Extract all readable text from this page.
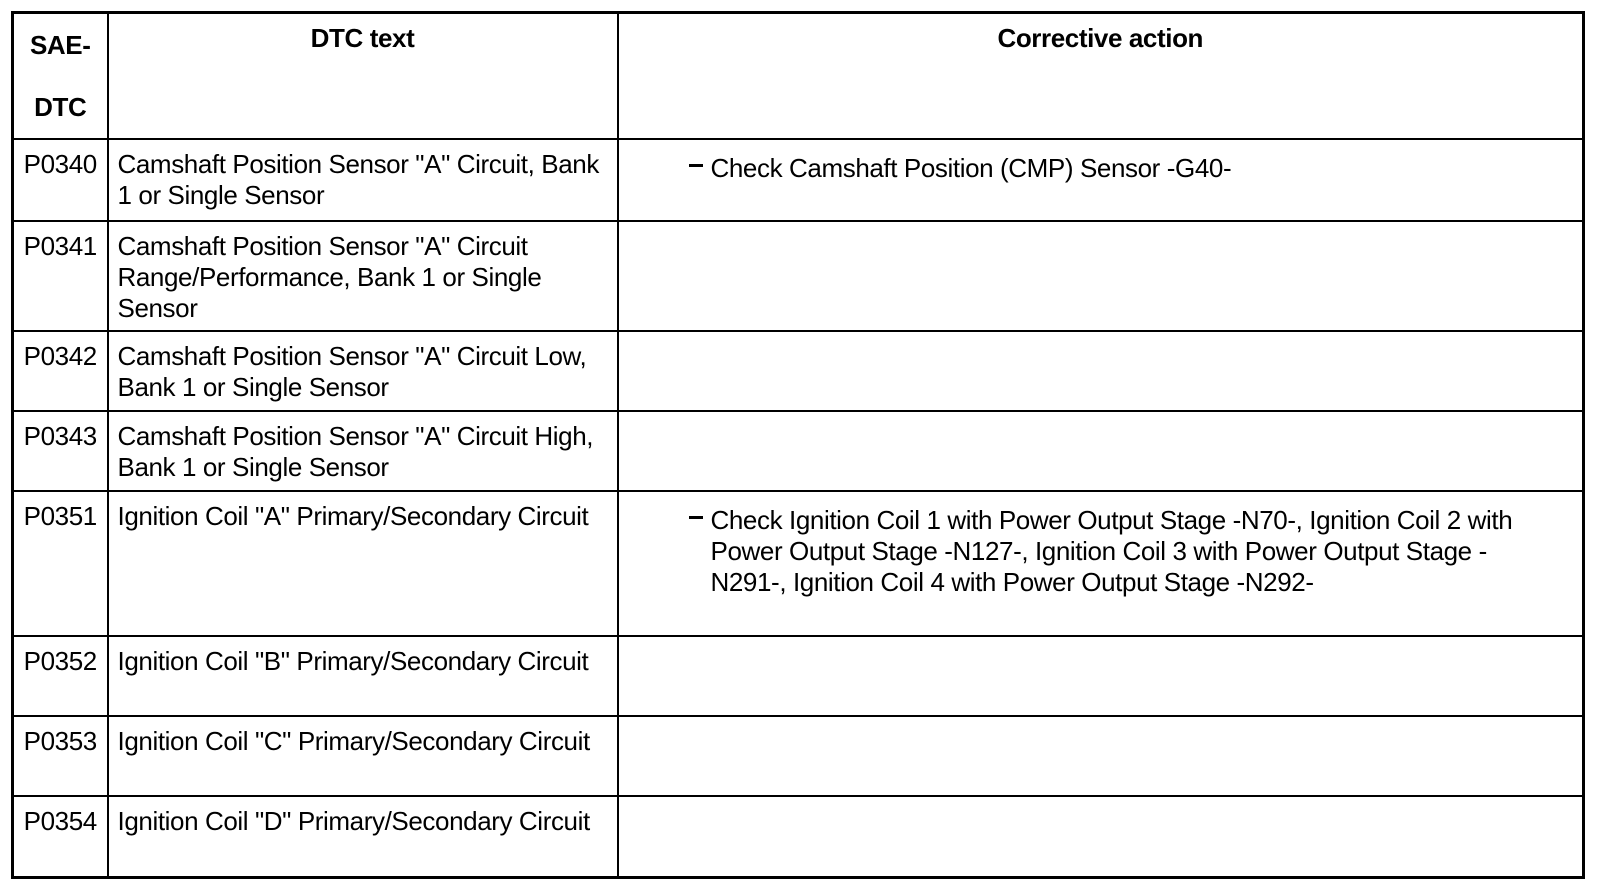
SAE-
DTC	DTC text	Corrective action
P0340	Camshaft Position Sensor "A" Circuit, Bank 1 or Single Sensor	Check Camshaft Position (CMP) Sensor -G40-

P0341	Camshaft Position Sensor "A" Circuit Range/Performance, Bank 1 or Single Sensor	
P0342	Camshaft Position Sensor "A" Circuit Low, Bank 1 or Single Sensor	
P0343	Camshaft Position Sensor "A" Circuit High, Bank 1 or Single Sensor	
P0351	Ignition Coil "A" Primary/Secondary Circuit	Check Ignition Coil 1 with Power Output Stage -N70-, Ignition Coil 2 with Power Output Stage -N127-, Ignition Coil 3 with Power Output Stage -N291-, Ignition Coil 4 with Power Output Stage -N292-

P0352	Ignition Coil "B" Primary/Secondary Circuit	
P0353	Ignition Coil "C" Primary/Secondary Circuit	
P0354	Ignition Coil "D" Primary/Secondary Circuit	
